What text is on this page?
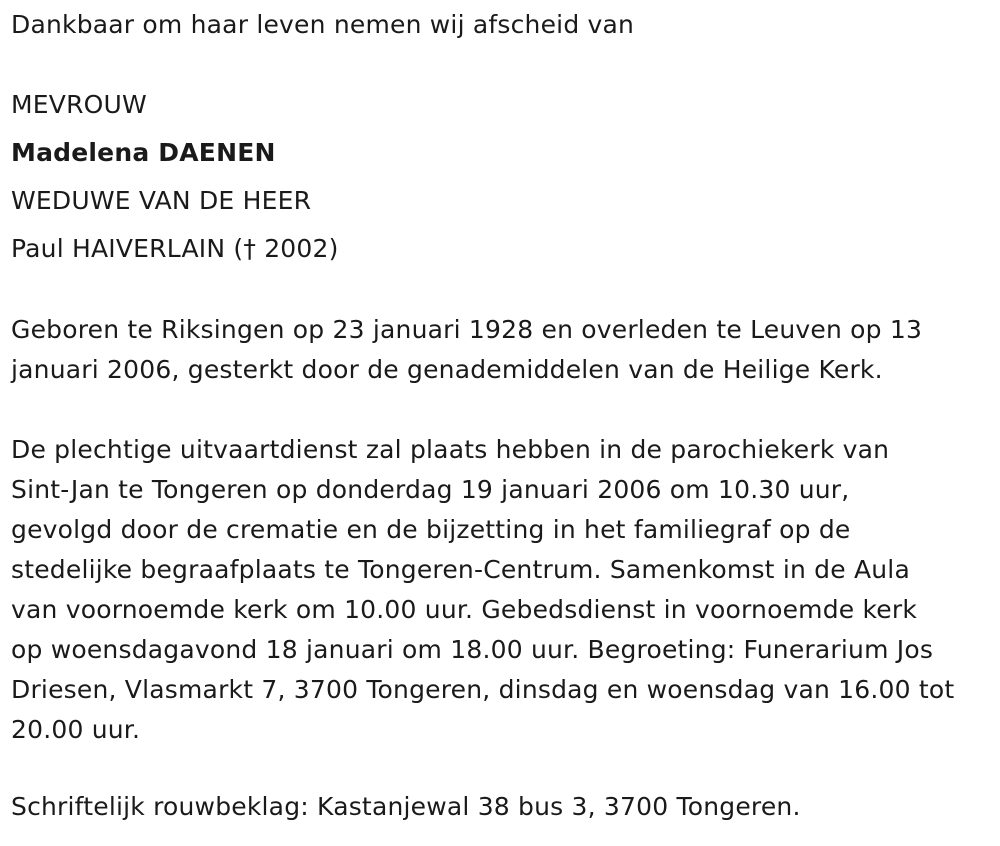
Dankbaar om haar leven nemen wij afscheid van
MEVROUW
Madelena DAENEN
WEDUWE VAN DE HEER
Paul HAIVERLAIN († 2002)
Geboren te Riksingen op 23 januari 1928 en overleden te Leuven op 13
januari 2006, gesterkt door de genademiddelen van de Heilige Kerk.
De plechtige uitvaartdienst zal plaats hebben in de parochiekerk van
Sint-Jan te Tongeren op donderdag 19 januari 2006 om 10.30 uur,
gevolgd door de crematie en de bijzetting in het familiegraf op de
stedelijke begraafplaats te Tongeren-Centrum. Samenkomst in de Aula
van voornoemde kerk om 10.00 uur. Gebedsdienst in voornoemde kerk
op woensdagavond 18 januari om 18.00 uur. Begroeting: Funerarium Jos
Driesen, Vlasmarkt 7, 3700 Tongeren, dinsdag en woensdag van 16.00 tot
20.00 uur.
Schriftelijk rouwbeklag: Kastanjewal 38 bus 3, 3700 Tongeren.
